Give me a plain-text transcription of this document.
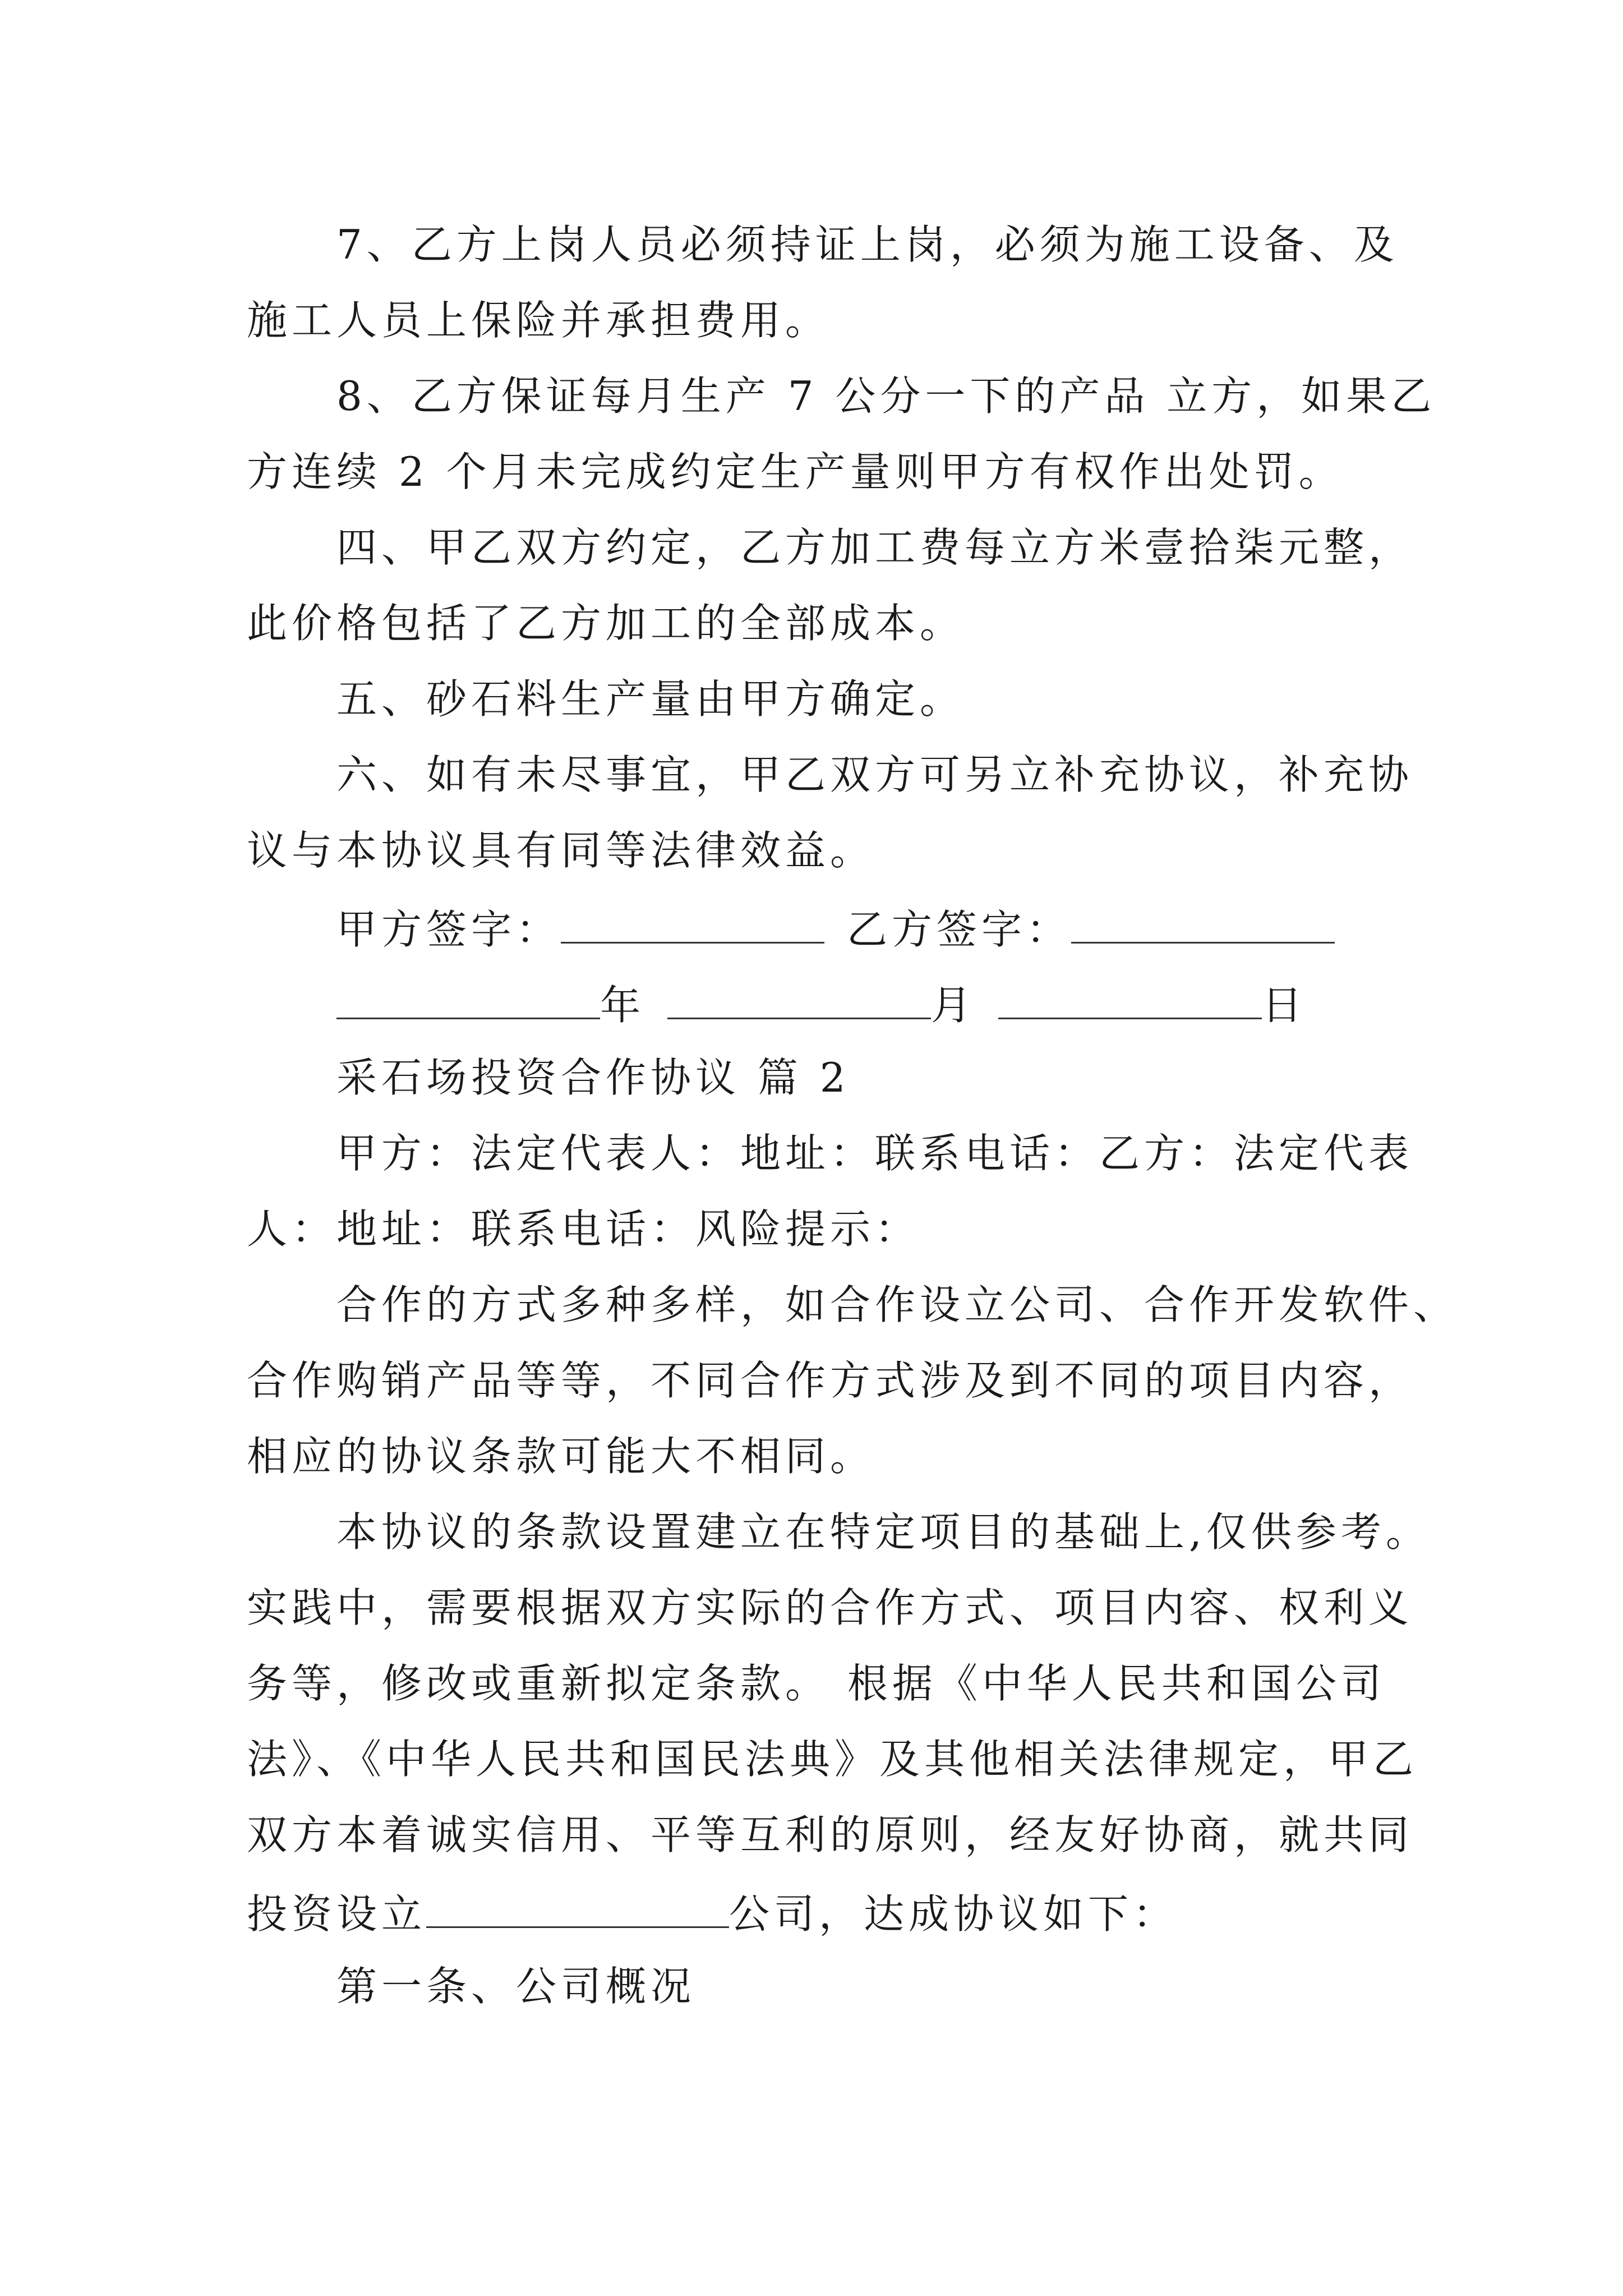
7、乙方上岗人员必须持证上岗，必须为施工设备、及
施工人员上保险并承担费用。
8、乙方保证每月生产 7 公分一下的产品 立方，如果乙
方连续 2 个月未完成约定生产量则甲方有权作出处罚。
四、甲乙双方约定，乙方加工费每立方米壹拾柒元整，
此价格包括了乙方加工的全部成本。
五、砂石料生产量由甲方确定。
六、如有未尽事宜，甲乙双方可另立补充协议，补充协
议与本协议具有同等法律效益。
甲方签字：	乙方签字：
年	月	日
采石场投资合作协议 篇 2
甲方：法定代表人：地址：联系电话：乙方：法定代表
人：地址：联系电话：风险提示：
合作的方式多种多样，如合作设立公司、合作开发软件、
合作购销产品等等，不同合作方式涉及到不同的项目内容，
相应的协议条款可能大不相同。
本协议的条款设置建立在特定项目的基础上,仅供参考。
实践中，需要根据双方实际的合作方式、项目内容、权利义
务等，修改或重新拟定条款。 根据《中华人民共和国公司
法》、《中华人民共和国民法典》及其他相关法律规定，甲乙
双方本着诚实信用、平等互利的原则，经友好协商，就共同
投资设立	公司，达成协议如下：
第一条、公司概况
